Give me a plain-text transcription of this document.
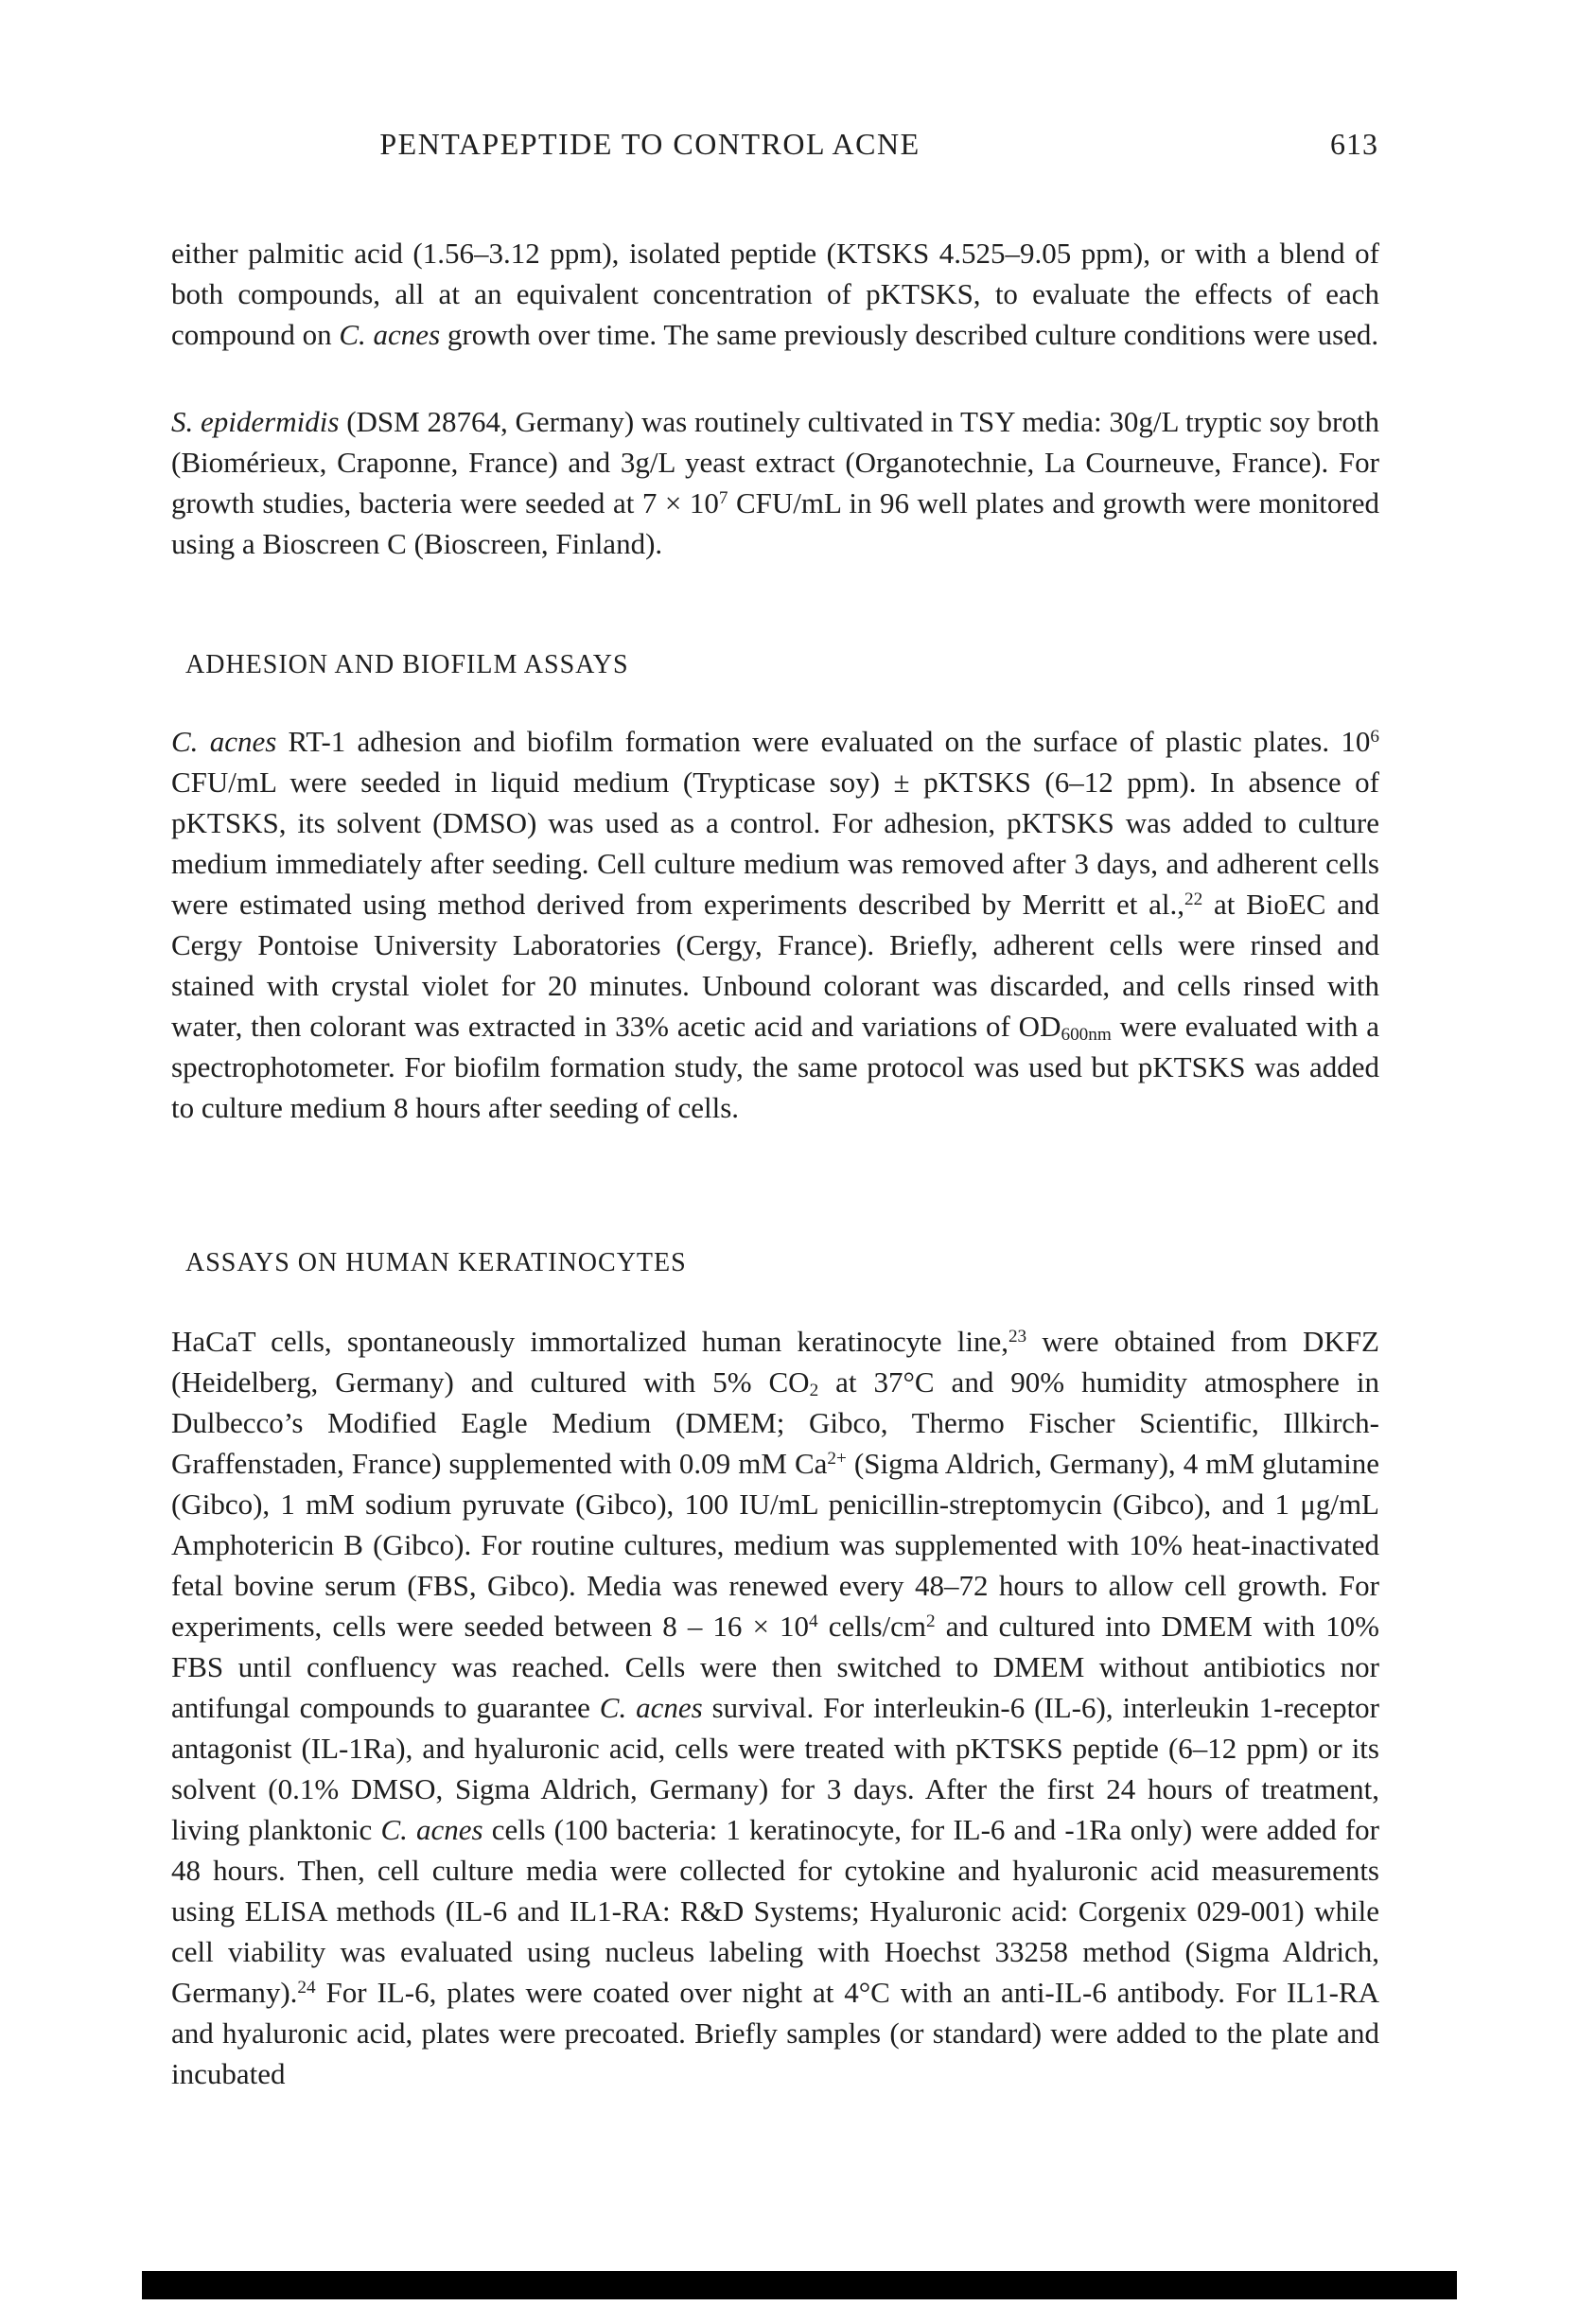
PENTAPEPTIDE TO CONTROL ACNE	613

either palmitic acid (1.56–3.12 ppm), isolated peptide (KTSKS 4.525–9.05 ppm), or with a blend of both compounds, all at an equivalent concentration of pKTSKS, to evaluate the effects of each compound on C. acnes growth over time. The same previously described culture conditions were used.

S. epidermidis (DSM 28764, Germany) was routinely cultivated in TSY media: 30g/L tryptic soy broth (Biomérieux, Craponne, France) and 3g/L yeast extract (Organotechnie, La Courneuve, France). For growth studies, bacteria were seeded at $7 \times 10^7$ CFU/mL in 96 well plates and growth were monitored using a Bioscreen C (Bioscreen, Finland).

ADHESION AND BIOFILM ASSAYS

C. acnes RT-1 adhesion and biofilm formation were evaluated on the surface of plastic plates. $10^6$ CFU/mL were seeded in liquid medium (Trypticase soy) ± pKTSKS (6–12 ppm). In absence of pKTSKS, its solvent (DMSO) was used as a control. For adhesion, pKTSKS was added to culture medium immediately after seeding. Cell culture medium was removed after 3 days, and adherent cells were estimated using method derived from experiments described by Merritt et al.,$^{22}$ at BioEC and Cergy Pontoise University Laboratories (Cergy, France). Briefly, adherent cells were rinsed and stained with crystal violet for 20 minutes. Unbound colorant was discarded, and cells rinsed with water, then colorant was extracted in 33% acetic acid and variations of $OD_{600nm}$ were evaluated with a spectrophotometer. For biofilm formation study, the same protocol was used but pKTSKS was added to culture medium 8 hours after seeding of cells.

ASSAYS ON HUMAN KERATINOCYTES

HaCaT cells, spontaneously immortalized human keratinocyte line,$^{23}$ were obtained from DKFZ (Heidelberg, Germany) and cultured with 5% $CO_2$ at 37°C and 90% humidity atmosphere in Dulbecco’s Modified Eagle Medium (DMEM; Gibco, Thermo Fischer Scientific, Illkirch-Graffenstaden, France) supplemented with 0.09 mM $Ca^{2+}$ (Sigma Aldrich, Germany), 4 mM glutamine (Gibco), 1 mM sodium pyruvate (Gibco), 100 IU/mL penicillin-streptomycin (Gibco), and 1 μg/mL Amphotericin B (Gibco). For routine cultures, medium was supplemented with 10% heat-inactivated fetal bovine serum (FBS, Gibco). Media was renewed every 48–72 hours to allow cell growth. For experiments, cells were seeded between $8 - 16 \times 10^4$ cells/$cm^2$ and cultured into DMEM with 10% FBS until confluency was reached. Cells were then switched to DMEM without antibiotics nor antifungal compounds to guarantee C. acnes survival. For interleukin-6 (IL-6), interleukin 1-receptor antagonist (IL-1Ra), and hyaluronic acid, cells were treated with pKTSKS peptide (6–12 ppm) or its solvent (0.1% DMSO, Sigma Aldrich, Germany) for 3 days. After the first 24 hours of treatment, living planktonic C. acnes cells (100 bacteria: 1 keratinocyte, for IL-6 and -1Ra only) were added for 48 hours. Then, cell culture media were collected for cytokine and hyaluronic acid measurements using ELISA methods (IL-6 and IL1-RA: R&D Systems; Hyaluronic acid: Corgenix 029-001) while cell viability was evaluated using nucleus labeling with Hoechst 33258 method (Sigma Aldrich, Germany).$^{24}$ For IL-6, plates were coated over night at 4°C with an anti-IL-6 antibody. For IL1-RA and hyaluronic acid, plates were precoated. Briefly samples (or standard) were added to the plate and incubated
